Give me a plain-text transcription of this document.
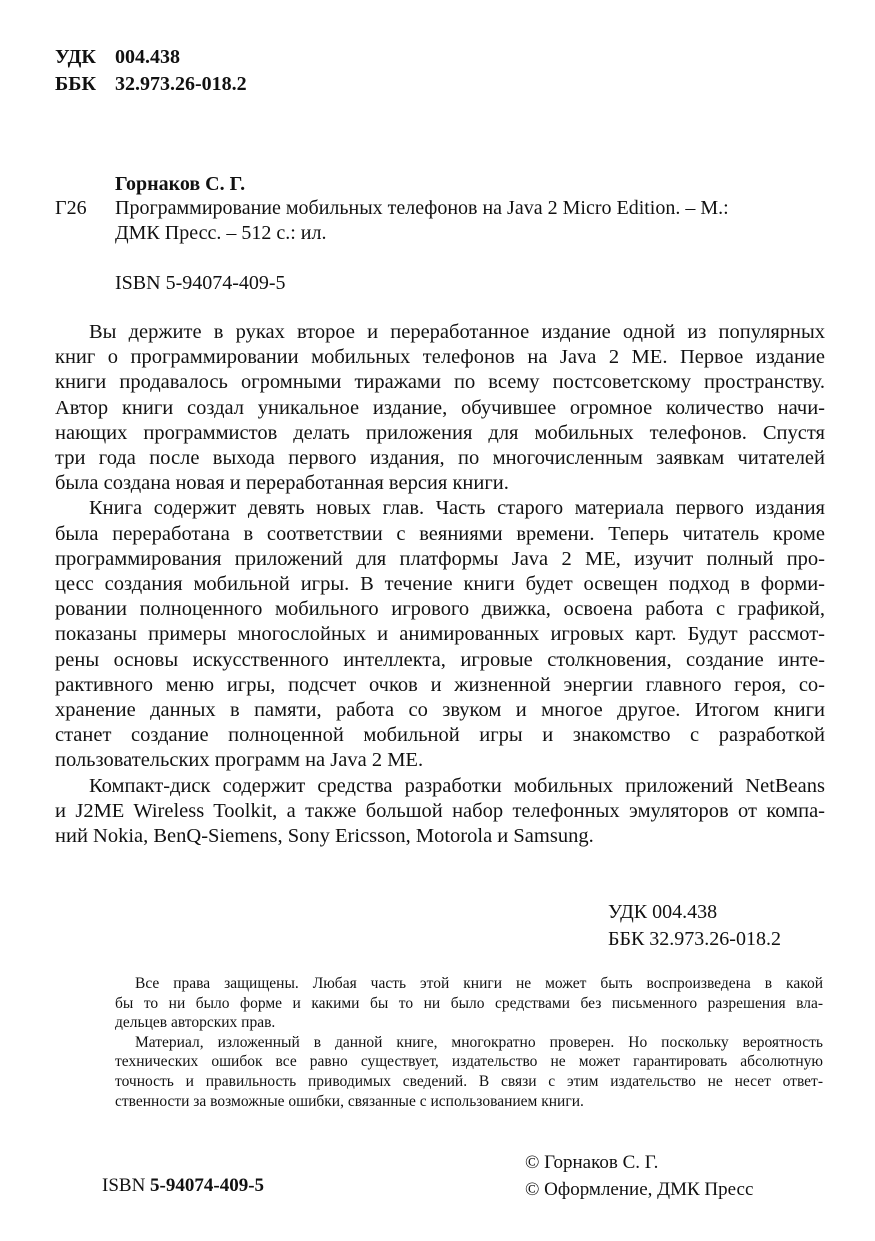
УДК 004.438
ББК 32.973.26-018.2
Горнаков С. Г.
Г26 Программирование мобильных телефонов на Java 2 Micro Edition. – М.:
ДМК Пресс. – 512 с.: ил.
ISBN 5-94074-409-5
Вы держите в руках второе и переработанное издание одной из популярных
книг о программировании мобильных телефонов на Java 2 ME. Первое издание
книги продавалось огромными тиражами по всему постсоветскому пространству.
Автор книги создал уникальное издание, обучившее огромное количество начи-
нающих программистов делать приложения для мобильных телефонов. Спустя
три года после выхода первого издания, по многочисленным заявкам читателей
была создана новая и переработанная версия книги.
Книга содержит девять новых глав. Часть старого материала первого издания
была переработана в соответствии с веяниями времени. Теперь читатель кроме
программирования приложений для платформы Java 2 ME, изучит полный про-
цесс создания мобильной игры. В течение книги будет освещен подход в форми-
ровании полноценного мобильного игрового движка, освоена работа с графикой,
показаны примеры многослойных и анимированных игровых карт. Будут рассмот-
рены основы искусственного интеллекта, игровые столкновения, создание инте-
рактивного меню игры, подсчет очков и жизненной энергии главного героя, со-
хранение данных в памяти, работа со звуком и многое другое. Итогом книги
станет создание полноценной мобильной игры и знакомство с разработкой
пользовательских программ на Java 2 ME.
Компакт-диск содержит средства разработки мобильных приложений NetBeans
и J2ME Wireless Toolkit, а также большой набор телефонных эмуляторов от компа-
ний Nokia, BenQ-Siemens, Sony Ericsson, Motorola и Samsung.
УДК 004.438
ББК 32.973.26-018.2
Все права защищены. Любая часть этой книги не может быть воспроизведена в какой
бы то ни было форме и какими бы то ни было средствами без письменного разрешения вла-
дельцев авторских прав.
Материал, изложенный в данной книге, многократно проверен. Но поскольку вероятность
технических ошибок все равно существует, издательство не может гарантировать абсолютную
точность и правильность приводимых сведений. В связи с этим издательство не несет ответ-
ственности за возможные ошибки, связанные с использованием книги.
ISBN 5-94074-409-5
© Горнаков С. Г.
© Оформление, ДМК Пресс
